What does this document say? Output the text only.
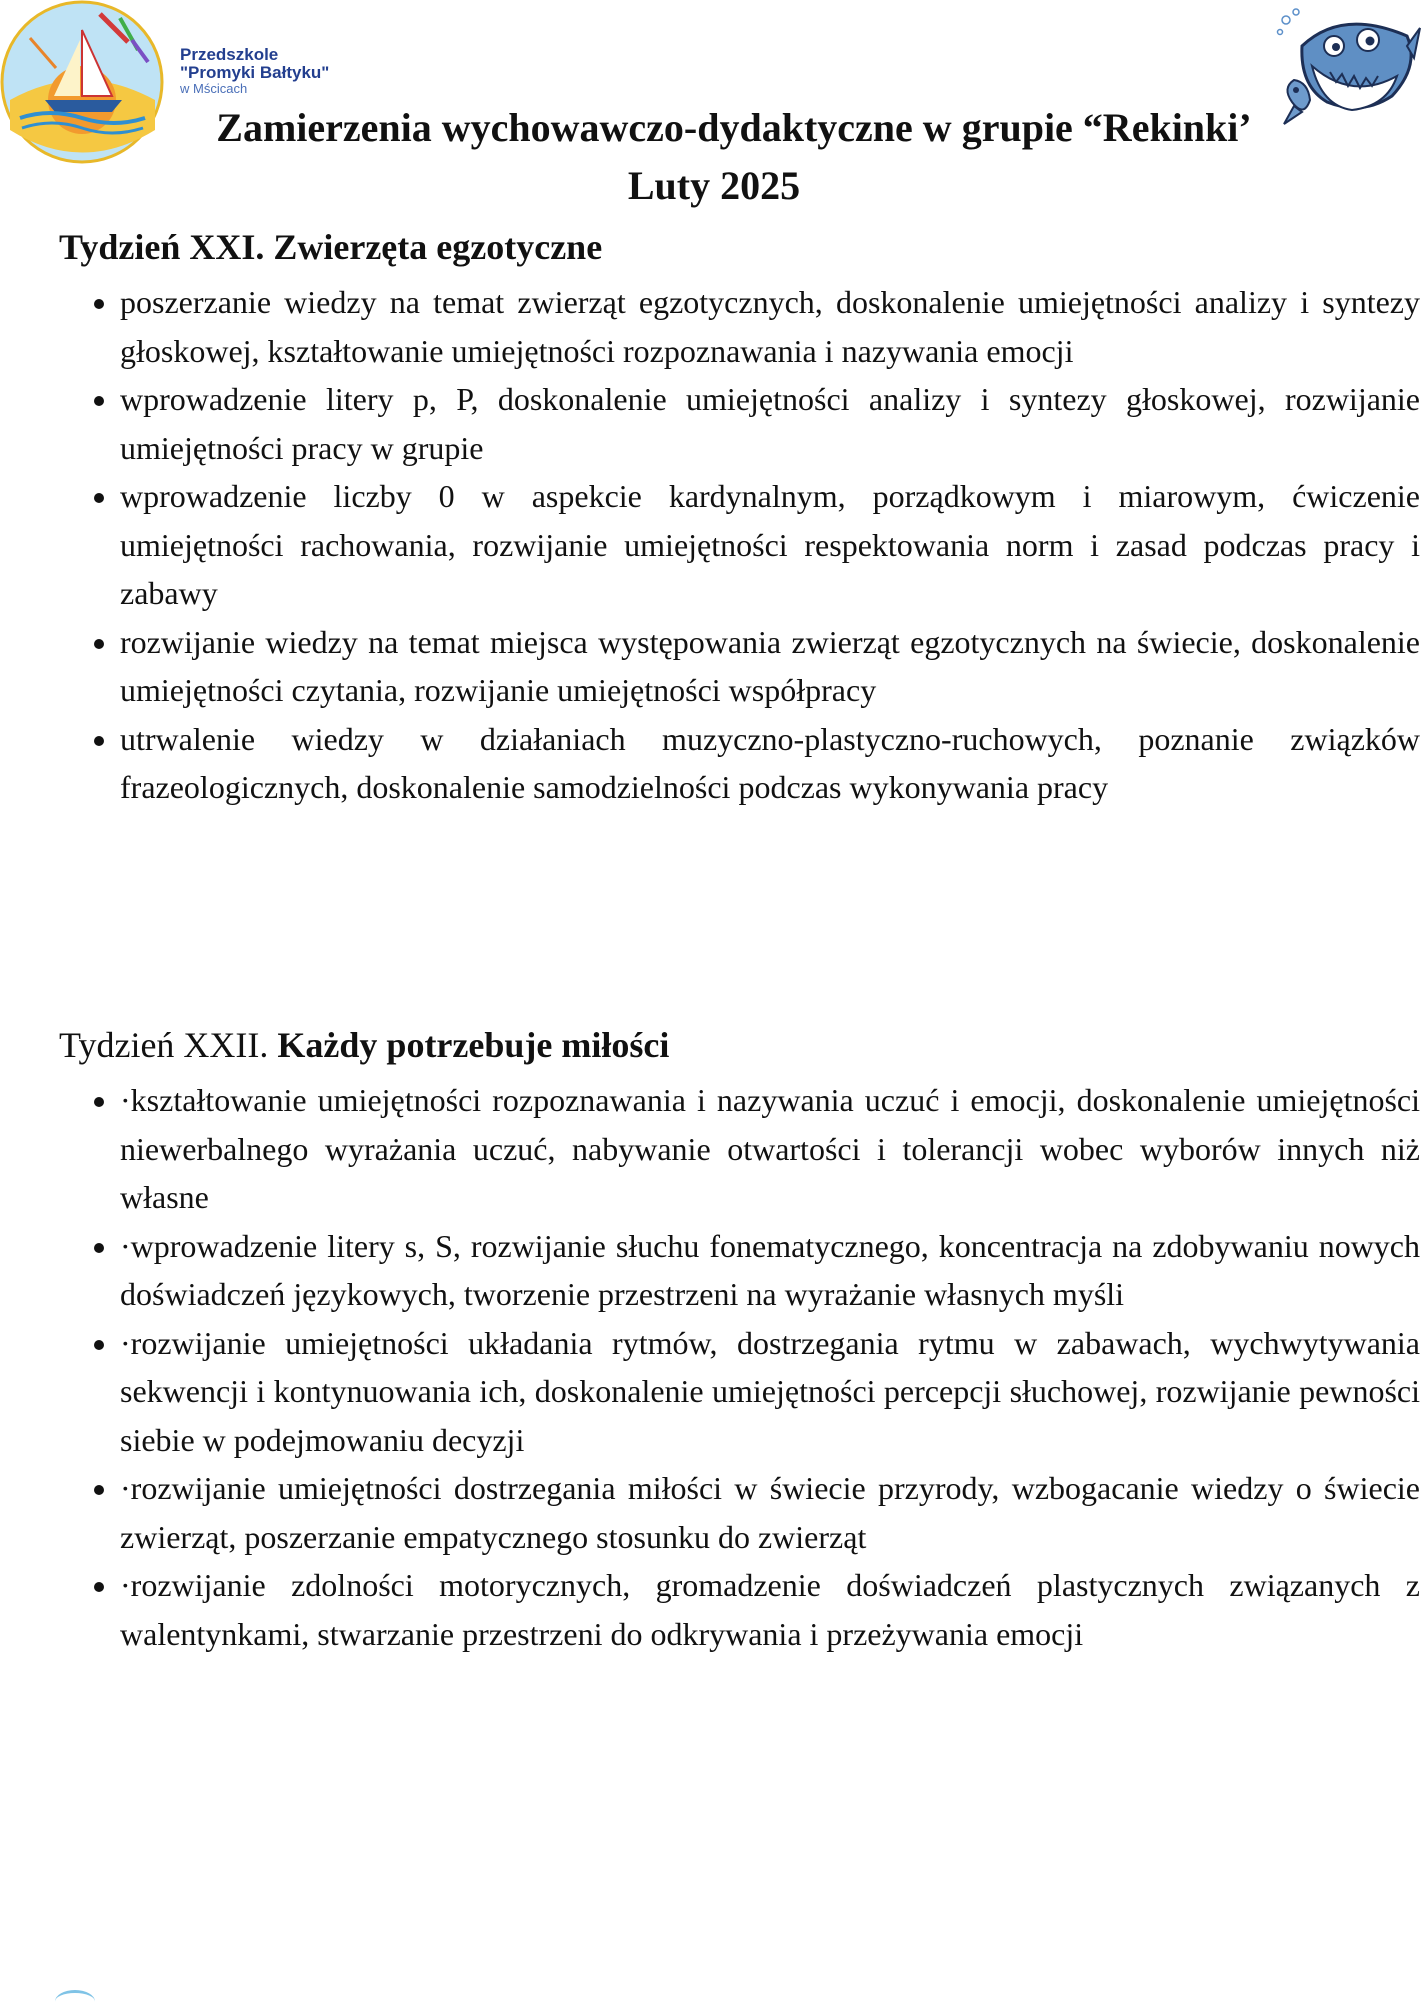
Przedszkole
"Promyki Bałtyku"
w Mścicach
Zamierzenia wychowawczo-dydaktyczne w grupie “Rekinki’
Luty 2025
Tydzień XXI. Zwierzęta egzotyczne
• poszerzanie wiedzy na temat zwierząt egzotycznych, doskonalenie umiejętności analizy i syntezy głoskowej, kształtowanie umiejętności rozpoznawania i nazywania emocji
• wprowadzenie litery p, P, doskonalenie umiejętności analizy i syntezy głoskowej, rozwijanie umiejętności pracy w grupie
• wprowadzenie liczby 0 w aspekcie kardynalnym, porządkowym i miarowym, ćwiczenie umiejętności rachowania, rozwijanie umiejętności respektowania norm i zasad podczas pracy i zabawy
• rozwijanie wiedzy na temat miejsca występowania zwierząt egzotycznych na świecie, doskonalenie umiejętności czytania, rozwijanie umiejętności współpracy
• utrwalenie wiedzy w działaniach muzyczno-plastyczno-ruchowych, poznanie związków frazeologicznych, doskonalenie samodzielności podczas wykonywania pracy
Tydzień XXII. Każdy potrzebuje miłości
• ·kształtowanie umiejętności rozpoznawania i nazywania uczuć i emocji, doskonalenie umiejętności niewerbalnego wyrażania uczuć, nabywanie otwartości i tolerancji wobec wyborów innych niż własne
• ·wprowadzenie litery s, S, rozwijanie słuchu fonematycznego, koncentracja na zdobywaniu nowych doświadczeń językowych, tworzenie przestrzeni na wyrażanie własnych myśli
• ·rozwijanie umiejętności układania rytmów, dostrzegania rytmu w zabawach, wychwytywania sekwencji i kontynuowania ich, doskonalenie umiejętności percepcji słuchowej, rozwijanie pewności siebie w podejmowaniu decyzji
• ·rozwijanie umiejętności dostrzegania miłości w świecie przyrody, wzbogacanie wiedzy o świecie zwierząt, poszerzanie empatycznego stosunku do zwierząt
• ·rozwijanie zdolności motorycznych, gromadzenie doświadczeń plastycznych związanych z walentynkami, stwarzanie przestrzeni do odkrywania i przeżywania emocji
